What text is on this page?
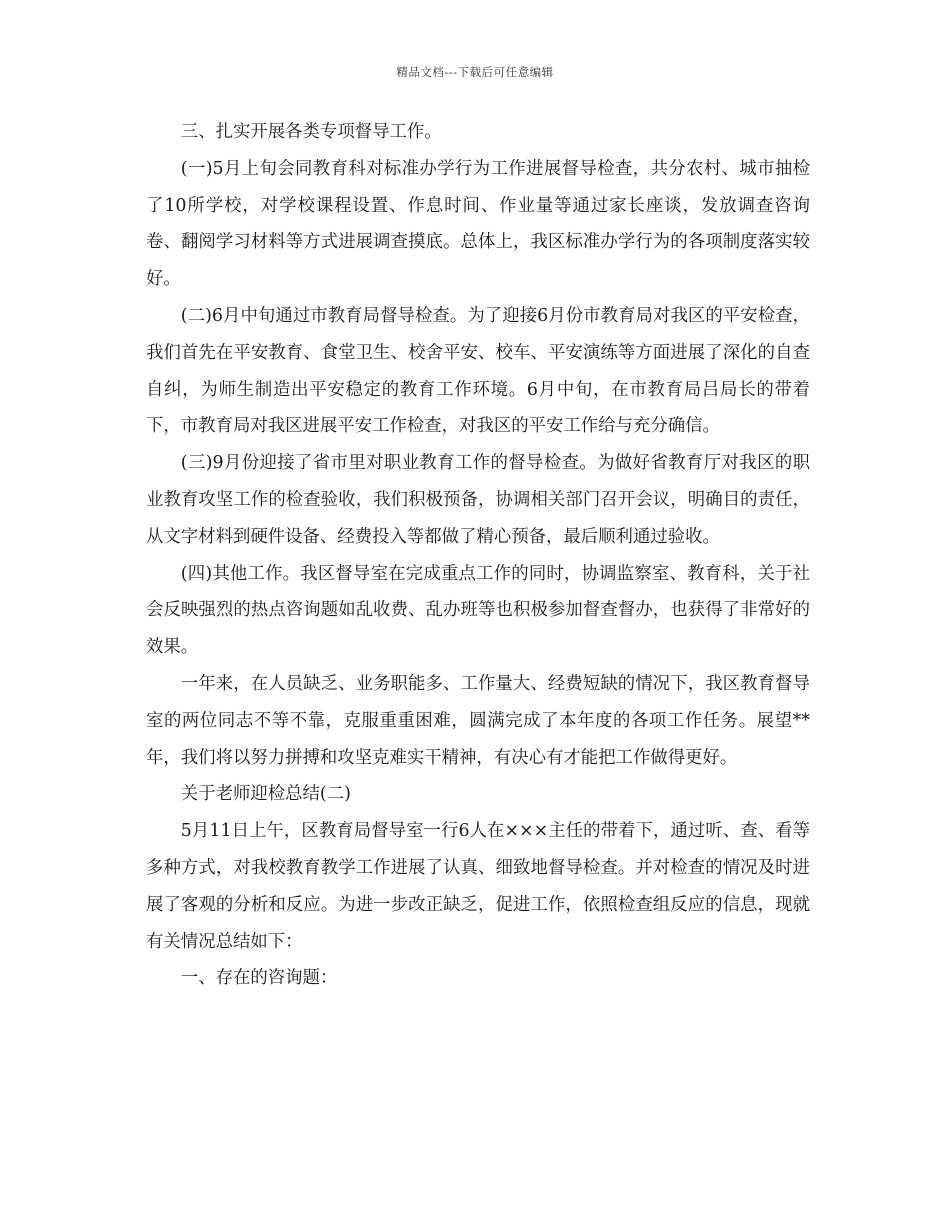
精品文档---下载后可任意编辑

三、扎实开展各类专项督导工作。

(一)5月上旬会同教育科对标准办学行为工作进展督导检查，共分农村、城市抽检了10所学校，对学校课程设置、作息时间、作业量等通过家长座谈，发放调查咨询卷、翻阅学习材料等方式进展调查摸底。总体上，我区标准办学行为的各项制度落实较好。

(二)6月中旬通过市教育局督导检查。为了迎接6月份市教育局对我区的平安检查，我们首先在平安教育、食堂卫生、校舍平安、校车、平安演练等方面进展了深化的自查自纠，为师生制造出平安稳定的教育工作环境。6月中旬，在市教育局吕局长的带着下，市教育局对我区进展平安工作检查，对我区的平安工作给与充分确信。

(三)9月份迎接了省市里对职业教育工作的督导检查。为做好省教育厅对我区的职业教育攻坚工作的检查验收，我们积极预备，协调相关部门召开会议，明确目的责任，从文字材料到硬件设备、经费投入等都做了精心预备，最后顺利通过验收。

(四)其他工作。我区督导室在完成重点工作的同时，协调监察室、教育科，关于社会反映强烈的热点咨询题如乱收费、乱办班等也积极参加督查督办，也获得了非常好的效果。

一年来，在人员缺乏、业务职能多、工作量大、经费短缺的情况下，我区教育督导室的两位同志不等不靠，克服重重困难，圆满完成了本年度的各项工作任务。展望**年，我们将以努力拼搏和攻坚克难实干精神，有决心有才能把工作做得更好。

关于老师迎检总结(二)

5月11日上午，区教育局督导室一行6人在×××主任的带着下，通过听、查、看等多种方式，对我校教育教学工作进展了认真、细致地督导检查。并对检查的情况及时进展了客观的分析和反应。为进一步改正缺乏，促进工作，依照检查组反应的信息，现就有关情况总结如下：

一、存在的咨询题：
